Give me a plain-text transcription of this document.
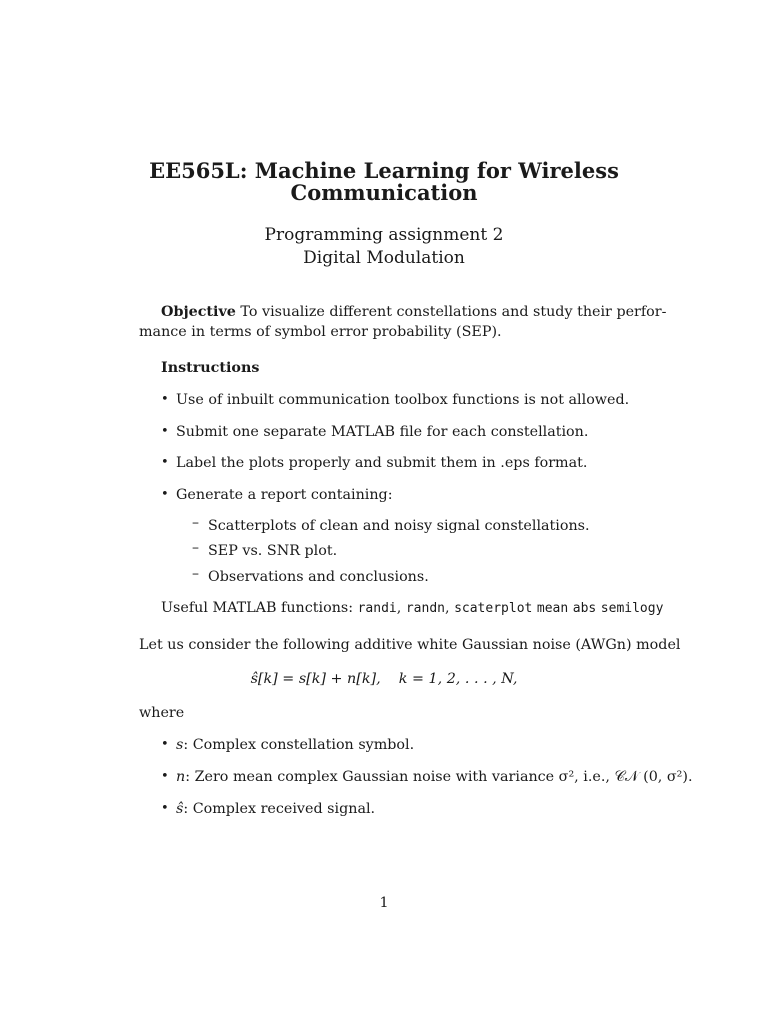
EE565L: Machine Learning for Wireless
Communication
Programming assignment 2
Digital Modulation
Objective To visualize different constellations and study their perfor-
mance in terms of symbol error probability (SEP).
Instructions
• Use of inbuilt communication toolbox functions is not allowed.
• Submit one separate MATLAB file for each constellation.
• Label the plots properly and submit them in .eps format.
• Generate a report containing:
– Scatterplots of clean and noisy signal constellations.
– SEP vs. SNR plot.
– Observations and conclusions.
Useful MATLAB functions: randi, randn, scaterplot mean abs semilogy
Let us consider the following additive white Gaussian noise (AWGn) model
ŝ[k] = s[k] + n[k],    k = 1, 2, . . . , N,
where
• s: Complex constellation symbol.
• n: Zero mean complex Gaussian noise with variance σ², i.e., 𝒞𝒩 (0, σ²).
• ŝ: Complex received signal.
1
